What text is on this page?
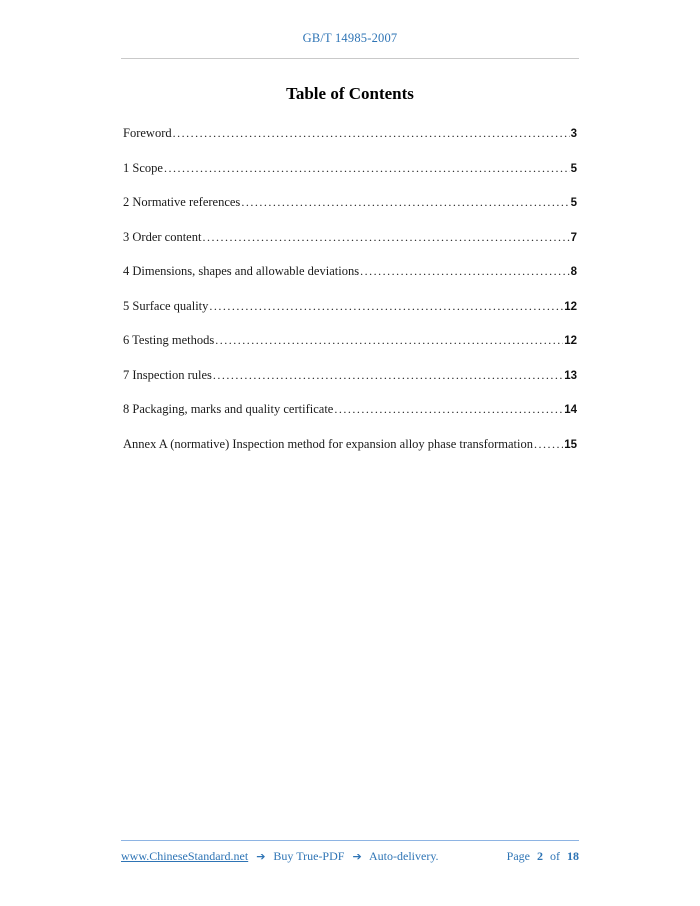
GB/T 14985-2007
Table of Contents
Foreword .....	3
1 Scope .....	5
2 Normative references .....	5
3 Order content .....	7
4 Dimensions, shapes and allowable deviations .....	8
5 Surface quality .....	12
6 Testing methods .....	12
7 Inspection rules .....	13
8 Packaging, marks and quality certificate .....	14
Annex A (normative) Inspection method for expansion alloy phase transformation .....	15
www.ChineseStandard.net ➔ Buy True-PDF ➔ Auto-delivery.	Page 2 of 18
